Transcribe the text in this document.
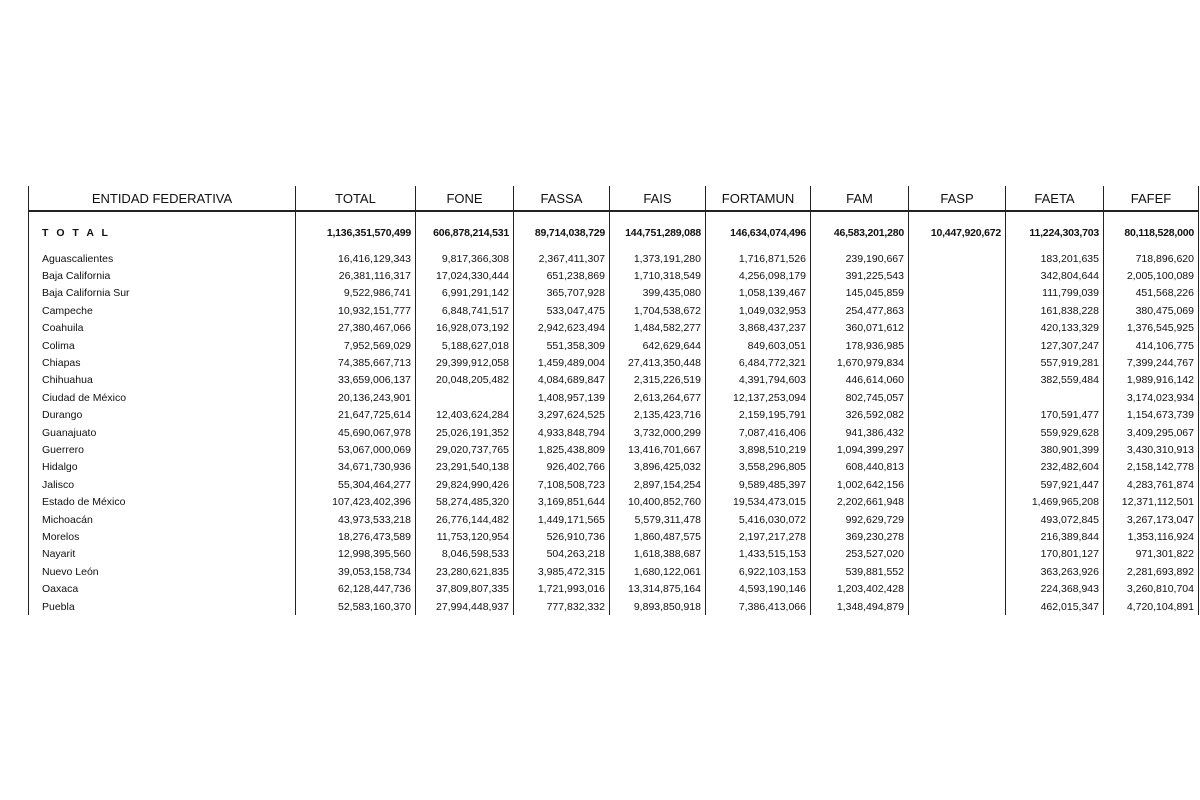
ENTIDAD FEDERATIVA	TOTAL	FONE	FASSA	FAIS	FORTAMUN	FAM	FASP	FAETA	FAFEF

T O T A L	1,136,351,570,499	606,878,214,531	89,714,038,729	144,751,289,088	146,634,074,496	46,583,201,280	10,447,920,672	11,224,303,703	80,118,528,000

Aguascalientes	16,416,129,343	9,817,366,308	2,367,411,307	1,373,191,280	1,716,871,526	239,190,667		183,201,635	718,896,620
Baja California	26,381,116,317	17,024,330,444	651,238,869	1,710,318,549	4,256,098,179	391,225,543		342,804,644	2,005,100,089
Baja California Sur	9,522,986,741	6,991,291,142	365,707,928	399,435,080	1,058,139,467	145,045,859		111,799,039	451,568,226
Campeche	10,932,151,777	6,848,741,517	533,047,475	1,704,538,672	1,049,032,953	254,477,863		161,838,228	380,475,069
Coahuila	27,380,467,066	16,928,073,192	2,942,623,494	1,484,582,277	3,868,437,237	360,071,612		420,133,329	1,376,545,925
Colima	7,952,569,029	5,188,627,018	551,358,309	642,629,644	849,603,051	178,936,985		127,307,247	414,106,775
Chiapas	74,385,667,713	29,399,912,058	1,459,489,004	27,413,350,448	6,484,772,321	1,670,979,834		557,919,281	7,399,244,767
Chihuahua	33,659,006,137	20,048,205,482	4,084,689,847	2,315,226,519	4,391,794,603	446,614,060		382,559,484	1,989,916,142
Ciudad de México	20,136,243,901		1,408,957,139	2,613,264,677	12,137,253,094	802,745,057			3,174,023,934
Durango	21,647,725,614	12,403,624,284	3,297,624,525	2,135,423,716	2,159,195,791	326,592,082		170,591,477	1,154,673,739
Guanajuato	45,690,067,978	25,026,191,352	4,933,848,794	3,732,000,299	7,087,416,406	941,386,432		559,929,628	3,409,295,067
Guerrero	53,067,000,069	29,020,737,765	1,825,438,809	13,416,701,667	3,898,510,219	1,094,399,297		380,901,399	3,430,310,913
Hidalgo	34,671,730,936	23,291,540,138	926,402,766	3,896,425,032	3,558,296,805	608,440,813		232,482,604	2,158,142,778
Jalisco	55,304,464,277	29,824,990,426	7,108,508,723	2,897,154,254	9,589,485,397	1,002,642,156		597,921,447	4,283,761,874
Estado de México	107,423,402,396	58,274,485,320	3,169,851,644	10,400,852,760	19,534,473,015	2,202,661,948		1,469,965,208	12,371,112,501
Michoacán	43,973,533,218	26,776,144,482	1,449,171,565	5,579,311,478	5,416,030,072	992,629,729		493,072,845	3,267,173,047
Morelos	18,276,473,589	11,753,120,954	526,910,736	1,860,487,575	2,197,217,278	369,230,278		216,389,844	1,353,116,924
Nayarit	12,998,395,560	8,046,598,533	504,263,218	1,618,388,687	1,433,515,153	253,527,020		170,801,127	971,301,822
Nuevo León	39,053,158,734	23,280,621,835	3,985,472,315	1,680,122,061	6,922,103,153	539,881,552		363,263,926	2,281,693,892
Oaxaca	62,128,447,736	37,809,807,335	1,721,993,016	13,314,875,164	4,593,190,146	1,203,402,428		224,368,943	3,260,810,704
Puebla	52,583,160,370	27,994,448,937	777,832,332	9,893,850,918	7,386,413,066	1,348,494,879		462,015,347	4,720,104,891
